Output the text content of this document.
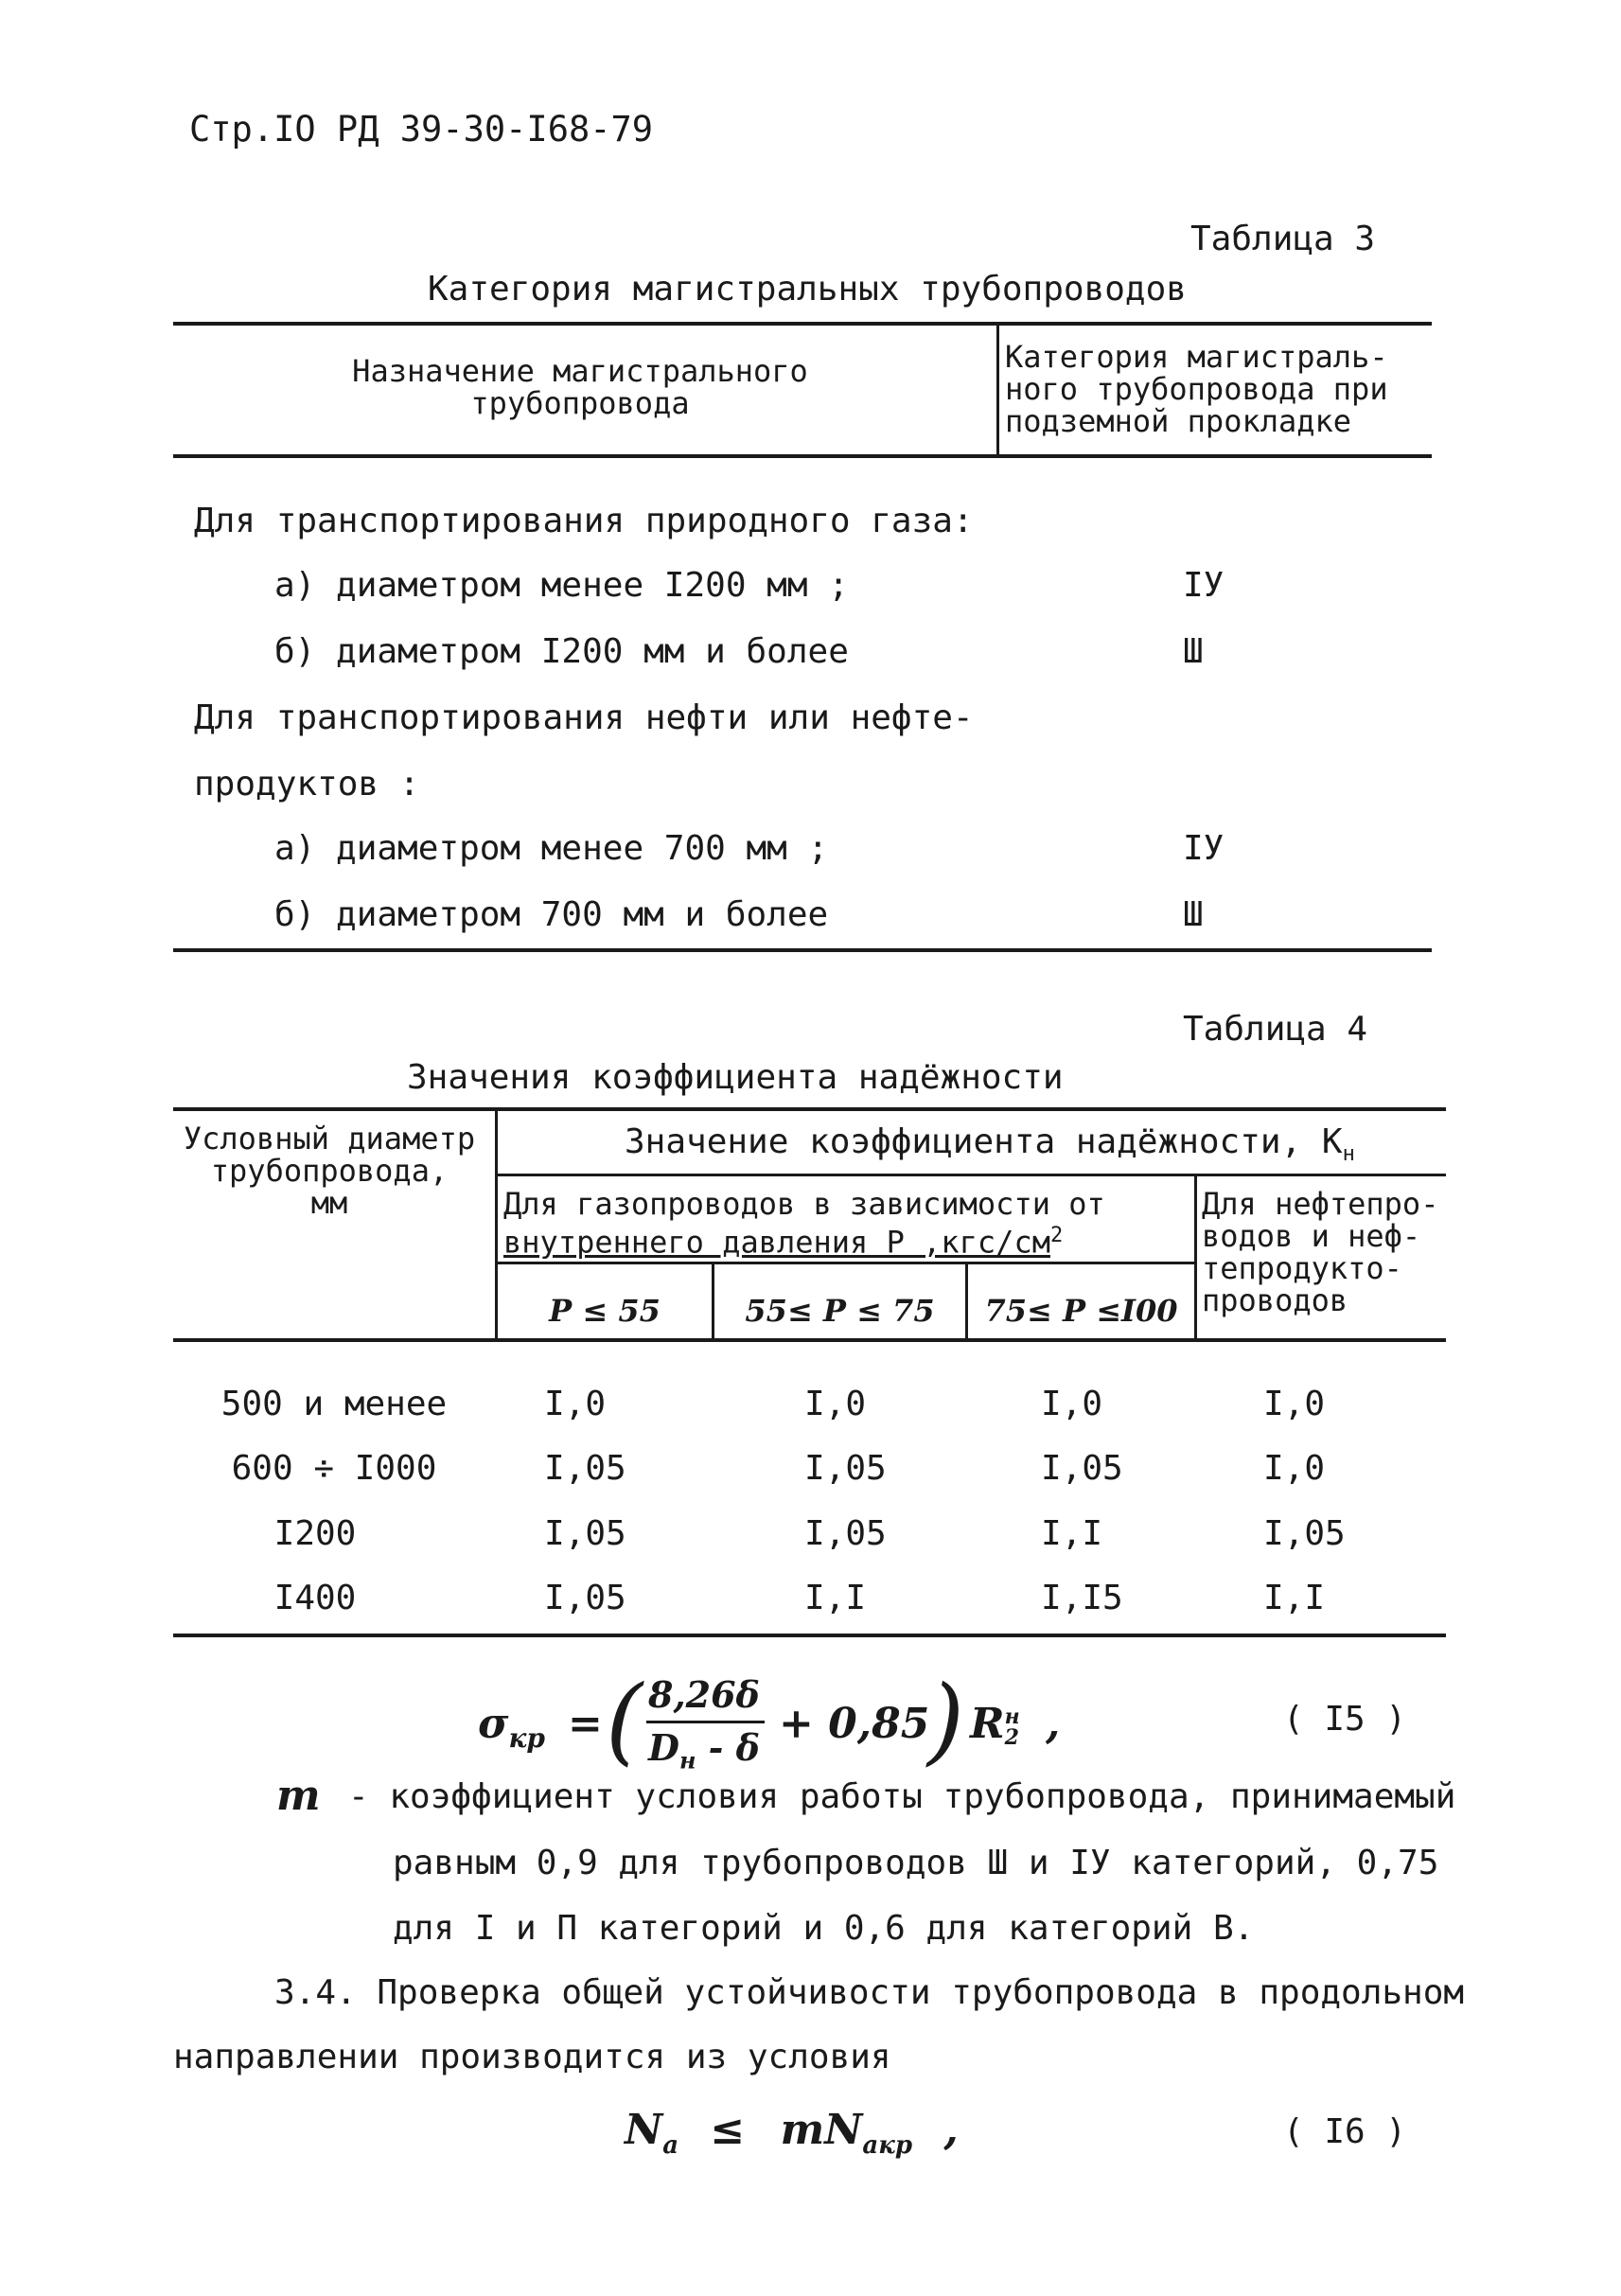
Стр.IO РД 39-30-I68-79
Таблица 3
Категория магистральных трубопроводов
Назначение магистрального
трубопровода
Категория магистраль-
ного трубопровода при
подземной прокладке
Для транспортирования природного газа:
а) диаметром менее I200 мм ;	IУ
б) диаметром I200 мм и более	Ш
Для транспортирования нефти или нефте-
продуктов :
а) диаметром менее 700 мм ;	IУ
б) диаметром 700 мм и более	Ш
Таблица 4
Значения коэффициента надёжности
Условный диаметр
трубопровода,
мм
Значение коэффициента надёжности, $K_н$
Для газопроводов в зависимости от
внутреннего давления P $,кгс/см^2$
Для нефтепро-
водов и неф-
тепродукто-
проводов
P ≤ 55	55≤ P ≤ 75	75≤ P ≤I00
500 и менее	I,0	I,0	I,0	I,0
600 ÷ I000	I,05	I,05	I,05	I,0
I200	I,05	I,05	I,I	I,05
I400	I,05	I,I	I,I5	I,I
$\sigma_{кр}$ = ( 8,26δ
$D_н - \delta + 0,85$
) R н
2 ,	( I5 )
m - коэффициент условия работы трубопровода, принимаемый
равным 0,9 для трубопроводов Ш и IУ категорий, 0,75
для I и П категорий и 0,6 для категорий В.
3.4. Проверка общей устойчивости трубопровода в продольном
направлении производится из условия
$N_a \le mN_{aкр}$ ,	( I6 )
